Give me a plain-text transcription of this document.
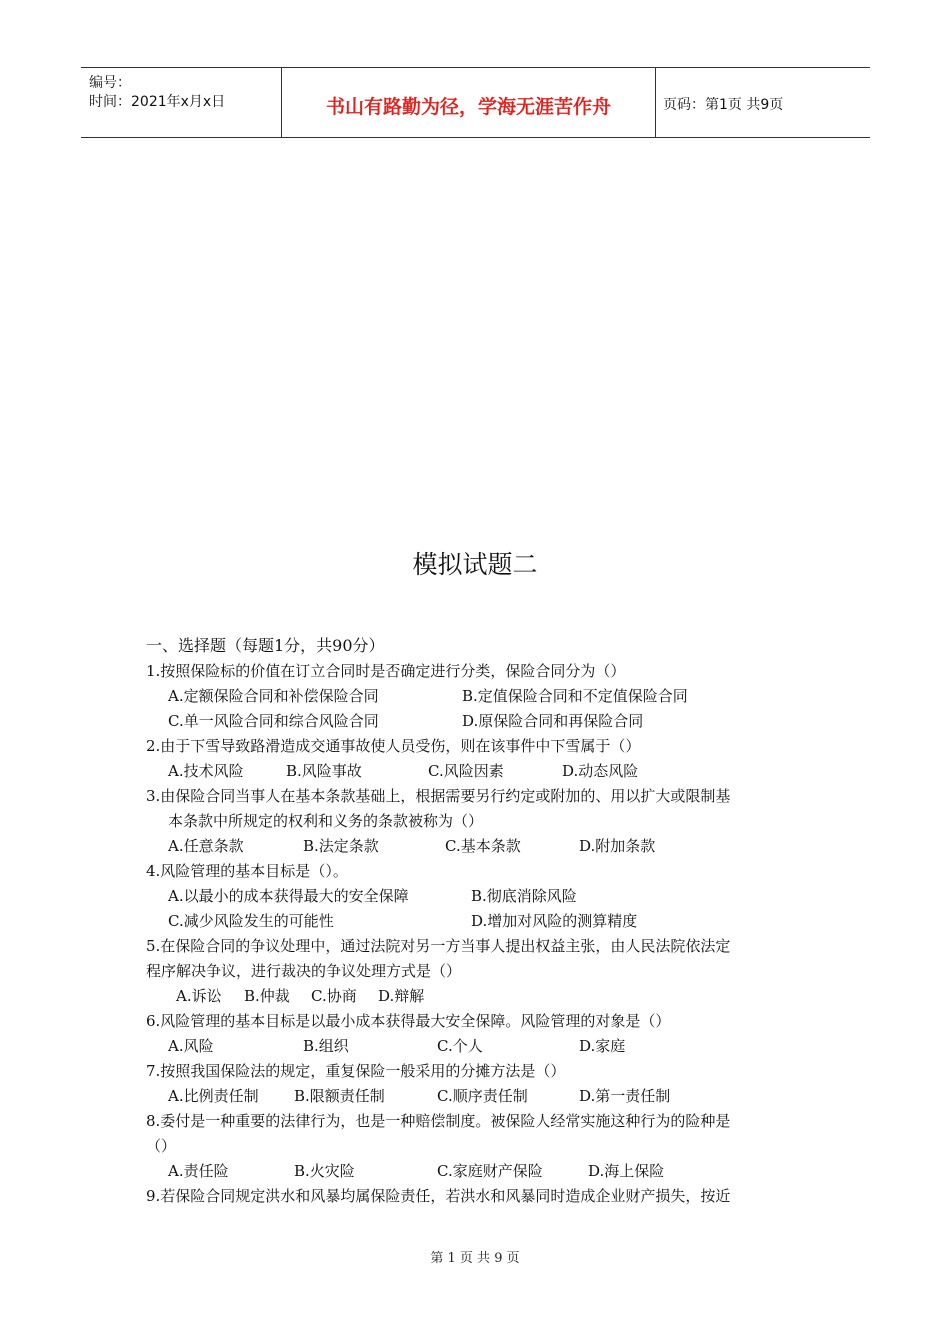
编号：
时间：2021年x月x日	书山有路勤为径，学海无涯苦作舟	页码：第1页 共9页
模拟试题二
一、选择题（每题1分，共90分）
1.按照保险标的价值在订立合同时是否确定进行分类，保险合同分为（）
A.定额保险合同和补偿保险合同	B.定值保险合同和不定值保险合同
C.单一风险合同和综合风险合同	D.原保险合同和再保险合同
2.由于下雪导致路滑造成交通事故使人员受伤，则在该事件中下雪属于（）
A.技术风险	B.风险事故	C.风险因素	D.动态风险
3.由保险合同当事人在基本条款基础上，根据需要另行约定或附加的、用以扩大或限制基
本条款中所规定的权利和义务的条款被称为（）
A.任意条款	B.法定条款	C.基本条款	D.附加条款
4.风险管理的基本目标是（）。
A.以最小的成本获得最大的安全保障	B.彻底消除风险
C.减少风险发生的可能性	D.增加对风险的测算精度
5.在保险合同的争议处理中，通过法院对另一方当事人提出权益主张，由人民法院依法定
程序解决争议，进行裁决的争议处理方式是（）
A.诉讼 B.仲裁 C.协商 D.辩解
6.风险管理的基本目标是以最小成本获得最大安全保障。风险管理的对象是（）
A.风险	B.组织	C.个人	D.家庭
7.按照我国保险法的规定，重复保险一般采用的分摊方法是（）
A.比例责任制 B.限额责任制	C.顺序责任制	D.第一责任制
8.委付是一种重要的法律行为，也是一种赔偿制度。被保险人经常实施这种行为的险种是
（）
A.责任险	B.火灾险	C.家庭财产保险	D.海上保险
9.若保险合同规定洪水和风暴均属保险责任，若洪水和风暴同时造成企业财产损失，按近
第 1 页 共 9 页
